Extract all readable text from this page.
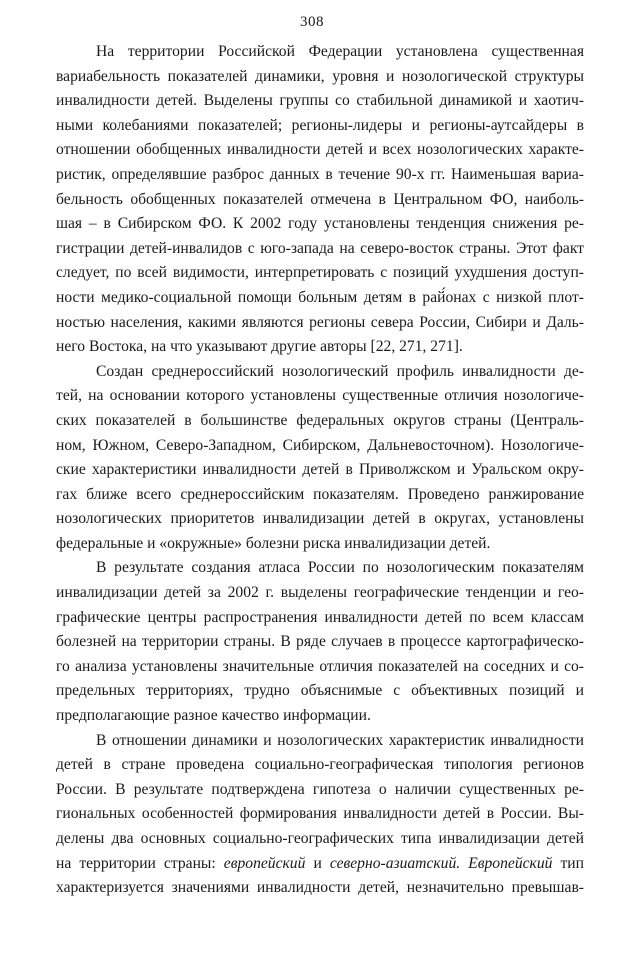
308
На территории Российской Федерации установлена существенная
вариабельность показателей динамики, уровня и нозологической структуры
инвалидности детей. Выделены группы со стабильной динамикой и хаотич-
ными колебаниями показателей; регионы-лидеры и регионы-аутсайдеры в
отношении обобщенных инвалидности детей и всех нозологических характе-
ристик, определявшие разброс данных в течение 90-х гг. Наименьшая вариа-
бельность обобщенных показателей отмечена в Центральном ФО, наиболь-
шая – в Сибирском ФО. К 2002 году установлены тенденция снижения ре-
гистрации детей-инвалидов с юго-запада на северо-восток страны. Этот факт
следует, по всей видимости, интерпретировать с позиций ухудшения доступ-
ности медико-социальной помощи больным детям в рай́онах с низкой плот-
ностью населения, какими являются регионы севера России, Сибири и Даль-
него Востока, на что указывают другие авторы [22, 271, 271].
Создан среднероссийский нозологический профиль инвалидности де-
тей, на основании которого установлены существенные отличия нозологиче-
ских показателей в большинстве федеральных округов страны (Централь-
ном, Южном, Северо-Западном, Сибирском, Дальневосточном). Нозологиче-
ские характеристики инвалидности детей в Приволжском и Уральском окру-
гах ближе всего среднероссийским показателям. Проведено ранжирование
нозологических приоритетов инвалидизации детей в округах, установлены
федеральные и «окружные» болезни риска инвалидизации детей.
В результате создания атласа России по нозологическим показателям
инвалидизации детей за 2002 г. выделены географические тенденции и гео-
графические центры распространения инвалидности детей по всем классам
болезней на территории страны. В ряде случаев в процессе картографическо-
го анализа установлены значительные отличия показателей на соседних и со-
предельных территориях, трудно объяснимые с объективных позиций и
предполагающие разное качество информации.
В отношении динамики и нозологических характеристик инвалидности
детей в стране проведена социально-географическая типология регионов
России. В результате подтверждена гипотеза о наличии существенных ре-
гиональных особенностей формирования инвалидности детей в России. Вы-
делены два основных социально-географических типа инвалидизации детей
на территории страны: европейский и северно-азиатский. Европейский тип
характеризуется значениями инвалидности детей, незначительно превышав-
